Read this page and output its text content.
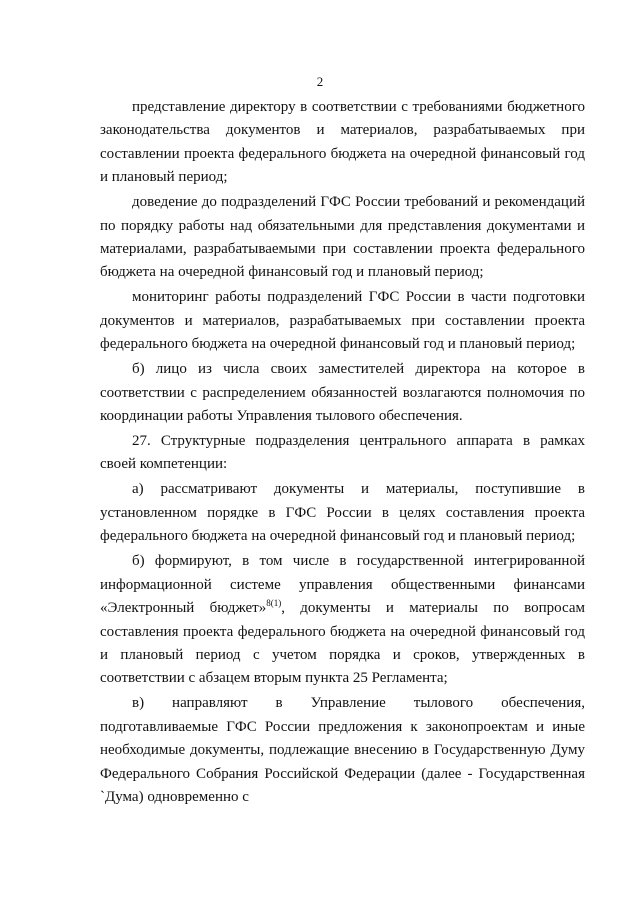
2

представление директору в соответствии с требованиями бюджетного законодательства документов и материалов, разрабатываемых при составлении проекта федерального бюджета на очередной финансовый год и плановый период;

доведение до подразделений ГФС России требований и рекомендаций по порядку работы над обязательными для представления документами и материалами, разрабатываемыми при составлении проекта федерального бюджета на очередной финансовый год и плановый период;

мониторинг работы подразделений ГФС России в части подготовки документов и материалов, разрабатываемых при составлении проекта федерального бюджета на очередной финансовый год и плановый период;

б) лицо из числа своих заместителей директора на которое в соответствии с распределением обязанностей возлагаются полномочия по координации работы Управления тылового обеспечения.

27. Структурные подразделения центрального аппарата в рамках своей компетенции:

а) рассматривают документы и материалы, поступившие в установленном порядке в ГФС России в целях составления проекта федерального бюджета на очередной финансовый год и плановый период;

б) формируют, в том числе в государственной интегрированной информационной системе управления общественными финансами «Электронный бюджет»$^{8(1)}$, документы и материалы по вопросам составления проекта федерального бюджета на очередной финансовый год и плановый период с учетом порядка и сроков, утвержденных в соответствии с абзацем вторым пункта 25 Регламента;

в) направляют в Управление тылового обеспечения, подготавливаемые ГФС России предложения к законопроектам и иные необходимые документы, подлежащие внесению в Государственную Думу Федерального Собрания Российской Федерации (далее - Государственная `Дума) одновременно с
